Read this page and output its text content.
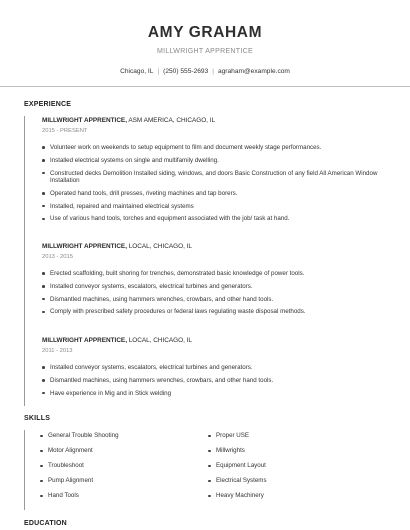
AMY GRAHAM
MILLWRIGHT APPRENTICE
Chicago, IL | (250) 555-2693 | agraham@example.com
EXPERIENCE
MILLWRIGHT APPRENTICE, ASM AMERICA, CHICAGO, IL
2015 - PRESENT
Volunteer work on weekends to setup equipment to film and document weekly stage performances.
Installed electrical systems on single and multifamily dwelling.
Constructed decks Demolition Installed siding, windows, and doors Basic Construction of any field All American Window Installation
Operated hand tools, drill presses, riveting machines and tap borers.
Installed, repaired and maintained electrical systems
Use of various hand tools, torches and equipment associated with the job/ task at hand.
MILLWRIGHT APPRENTICE, LOCAL, CHICAGO, IL
2013 - 2015
Erected scaffolding, built shoring for trenches, demonstrated basic knowledge of power tools.
Installed conveyor systems, escalators, electrical turbines and generators.
Dismantled machines, using hammers wrenches, crowbars, and other hand tools.
Comply with prescribed safety procedures or federal laws regulating waste disposal methods.
MILLWRIGHT APPRENTICE, LOCAL, CHICAGO, IL
2011 - 2013
Installed conveyor systems, escalators, electrical turbines and generators.
Dismantled machines, using hammers wrenches, crowbars, and other hand tools.
Have experience in Mig and in Stick welding
SKILLS
General Trouble Shooting
Motor Alignment
Troubleshoot
Pump Alignment
Hand Tools
Proper USE
Millwrights
Equipment Layout
Electrical Systems
Heavy Machinery
EDUCATION
